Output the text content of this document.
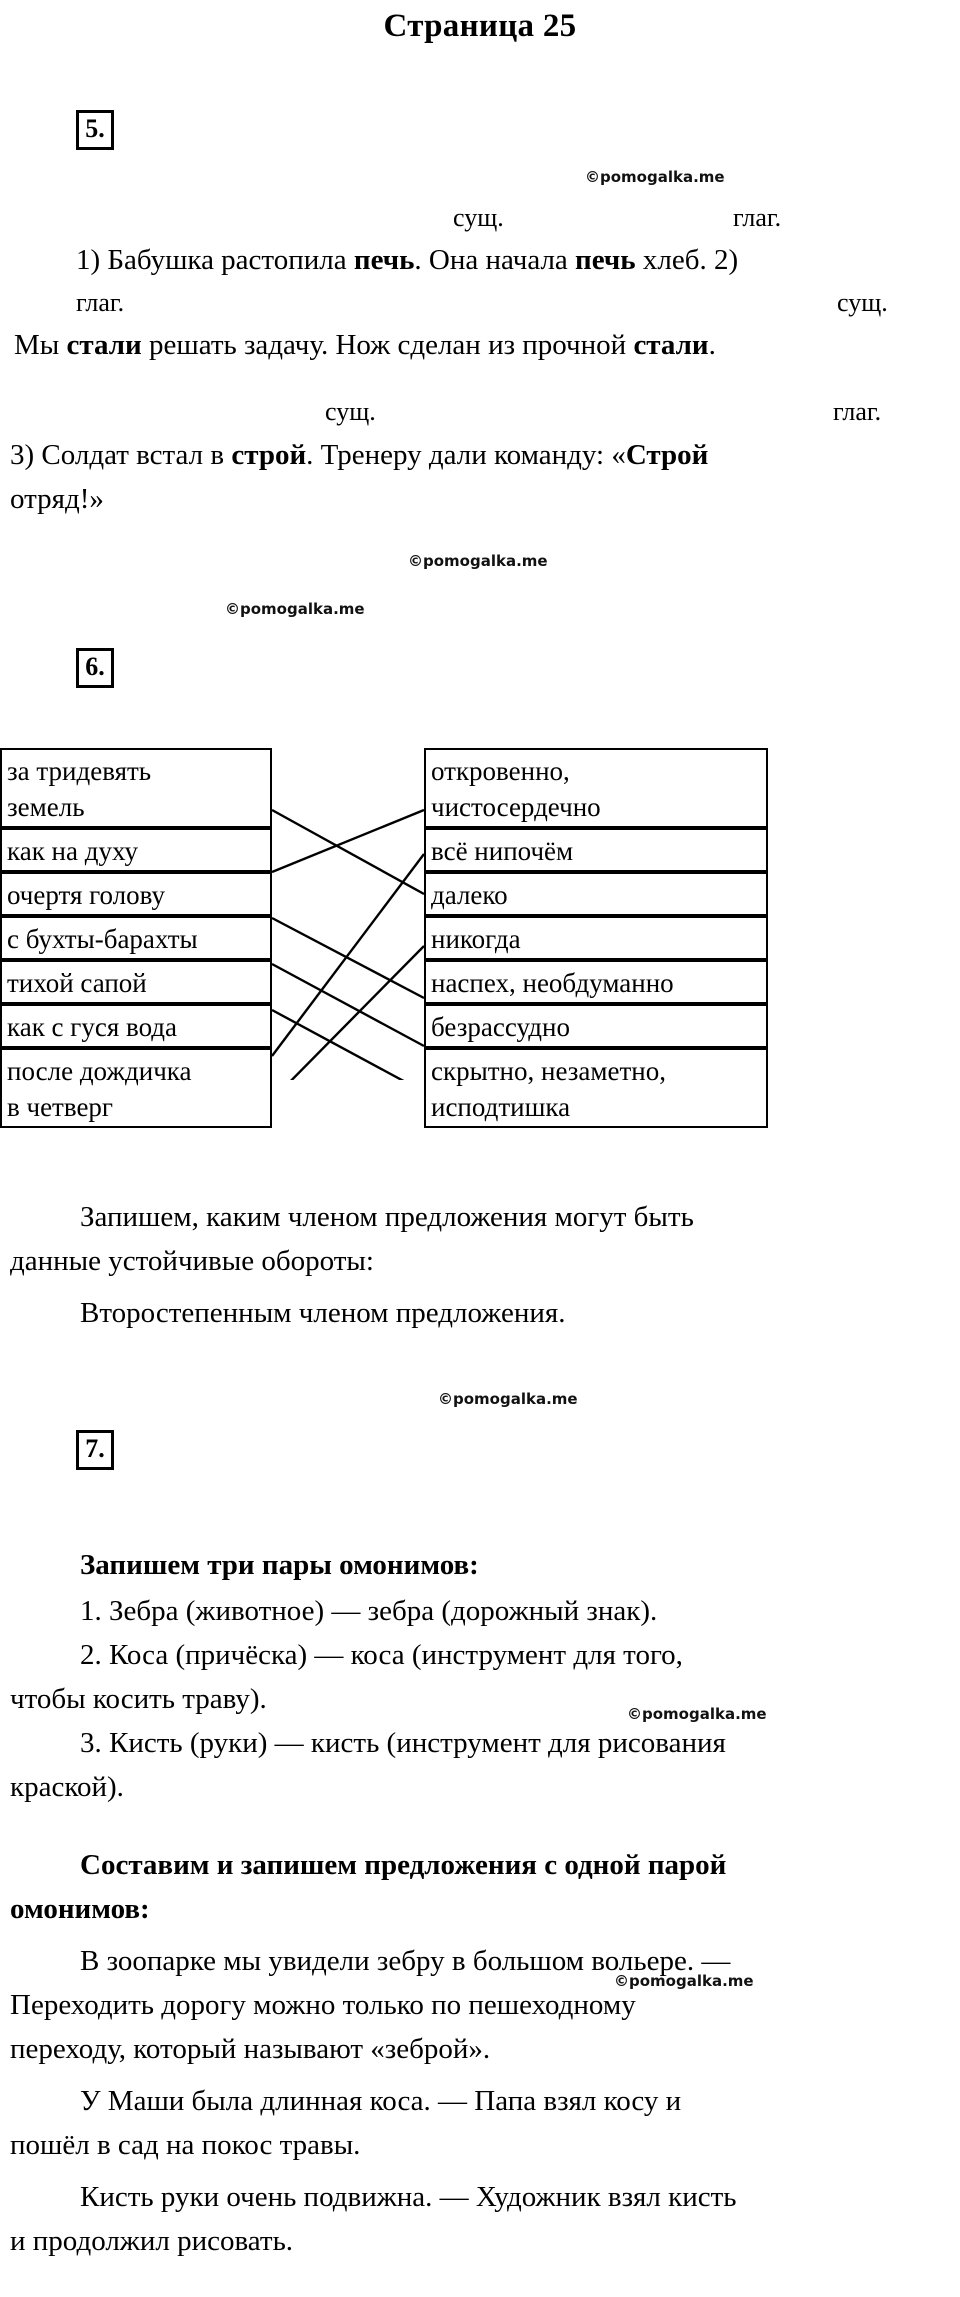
Страница 25
5.
©pomogalka.me
сущ.	глаг.
1) Бабушка растопила печь. Она начала печь хлеб. 2)
глаг.	сущ.
Мы стали решать задачу. Нож сделан из прочной стали.
сущ.	глаг.
3) Солдат встал в строй. Тренеру дали команду: «Строй
отряд!»
©pomogalka.me
©pomogalka.me
6.
за тридевять
земель
как на духу
очертя голову
с бухты-барахты
тихой сапой
как с гуся вода
после дождичка
в четверг
откровенно,
чистосердечно
всё нипочём
далеко
никогда
наспех, необдуманно
безрассудно
скрытно, незаметно,
исподтишка
Запишем, каким членом предложения могут быть
данные устойчивые обороты:
Второстепенным членом предложения.
©pomogalka.me
7.
Запишем три пары омонимов:
1. Зебра (животное) — зебра (дорожный знак).
2. Коса (причёска) — коса (инструмент для того,
чтобы косить траву).	©pomogalka.me
3. Кисть (руки) — кисть (инструмент для рисования
краской).
Составим и запишем предложения с одной парой
омонимов:
В зоопарке мы увидели зебру в большом вольере. —
©pomogalka.me
Переходить дорогу можно только по пешеходному
переходу, который называют «зеброй».
У Маши была длинная коса. — Папа взял косу и
пошёл в сад на покос травы.
Кисть руки очень подвижна. — Художник взял кисть
и продолжил рисовать.
